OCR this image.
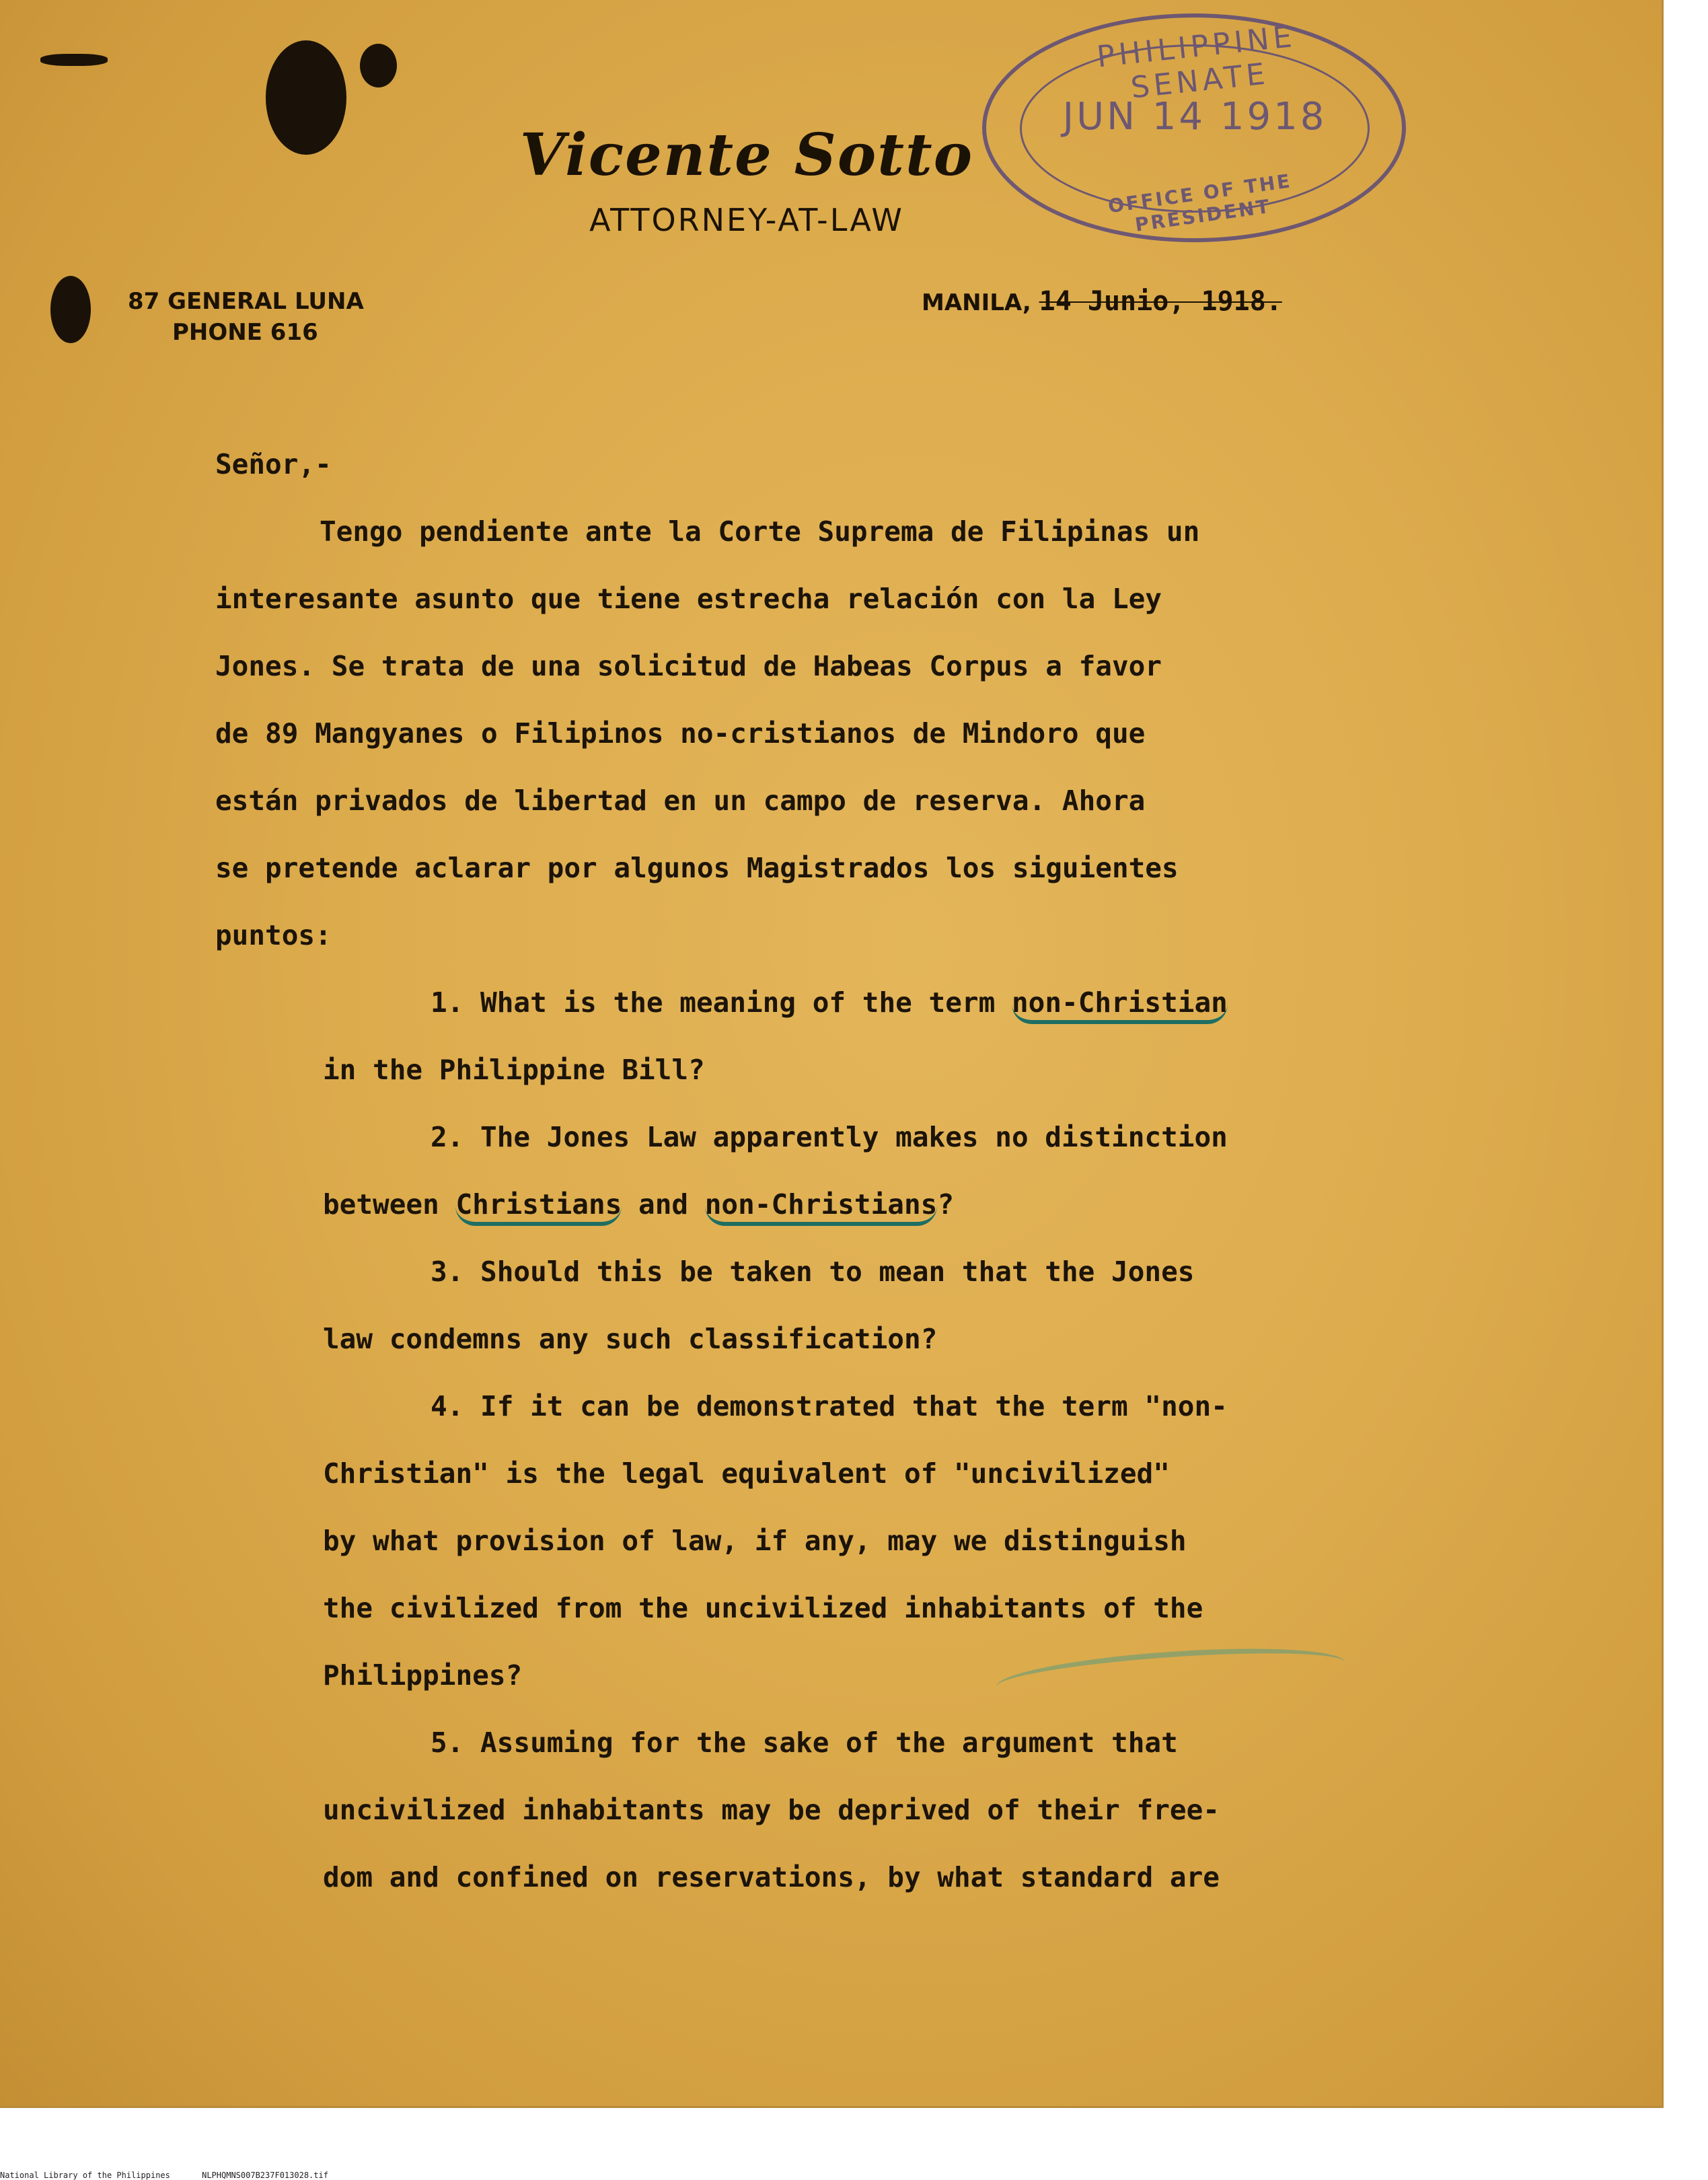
Vicente Sotto
ATTORNEY-AT-LAW
87 GENERAL LUNA
PHONE 616
MANILA, 14 Junio, 1918.
PHILIPPINE SENATE
JUN 14 1918
OFFICE OF THE PRESIDENT

Señor,-

Tengo pendiente ante la Corte Suprema de Filipinas un

interesante asunto que tiene estrecha relación con la Ley

Jones. Se trata de una solicitud de Habeas Corpus a favor

de 89 Mangyanes o Filipinos no-cristianos de Mindoro que

están privados de libertad en un campo de reserva. Ahora

se pretende aclarar por algunos Magistrados los siguientes

puntos:

1. What is the meaning of the term non-Christian

in the Philippine Bill?

2. The Jones Law apparently makes no distinction

between Christians and non-Christians?

3. Should this be taken to mean that the Jones

law condemns any such classification?

4. If it can be demonstrated that the term "non-

Christian" is the legal equivalent of "uncivilized"

by what provision of law, if any, may we distinguish

the civilized from the uncivilized inhabitants of the

Philippines?

5. Assuming for the sake of the argument that

uncivilized inhabitants may be deprived of their free-

dom and confined on reservations, by what standard are

National Library of the Philippines	NLPHQMNS007B237F013028.tif
